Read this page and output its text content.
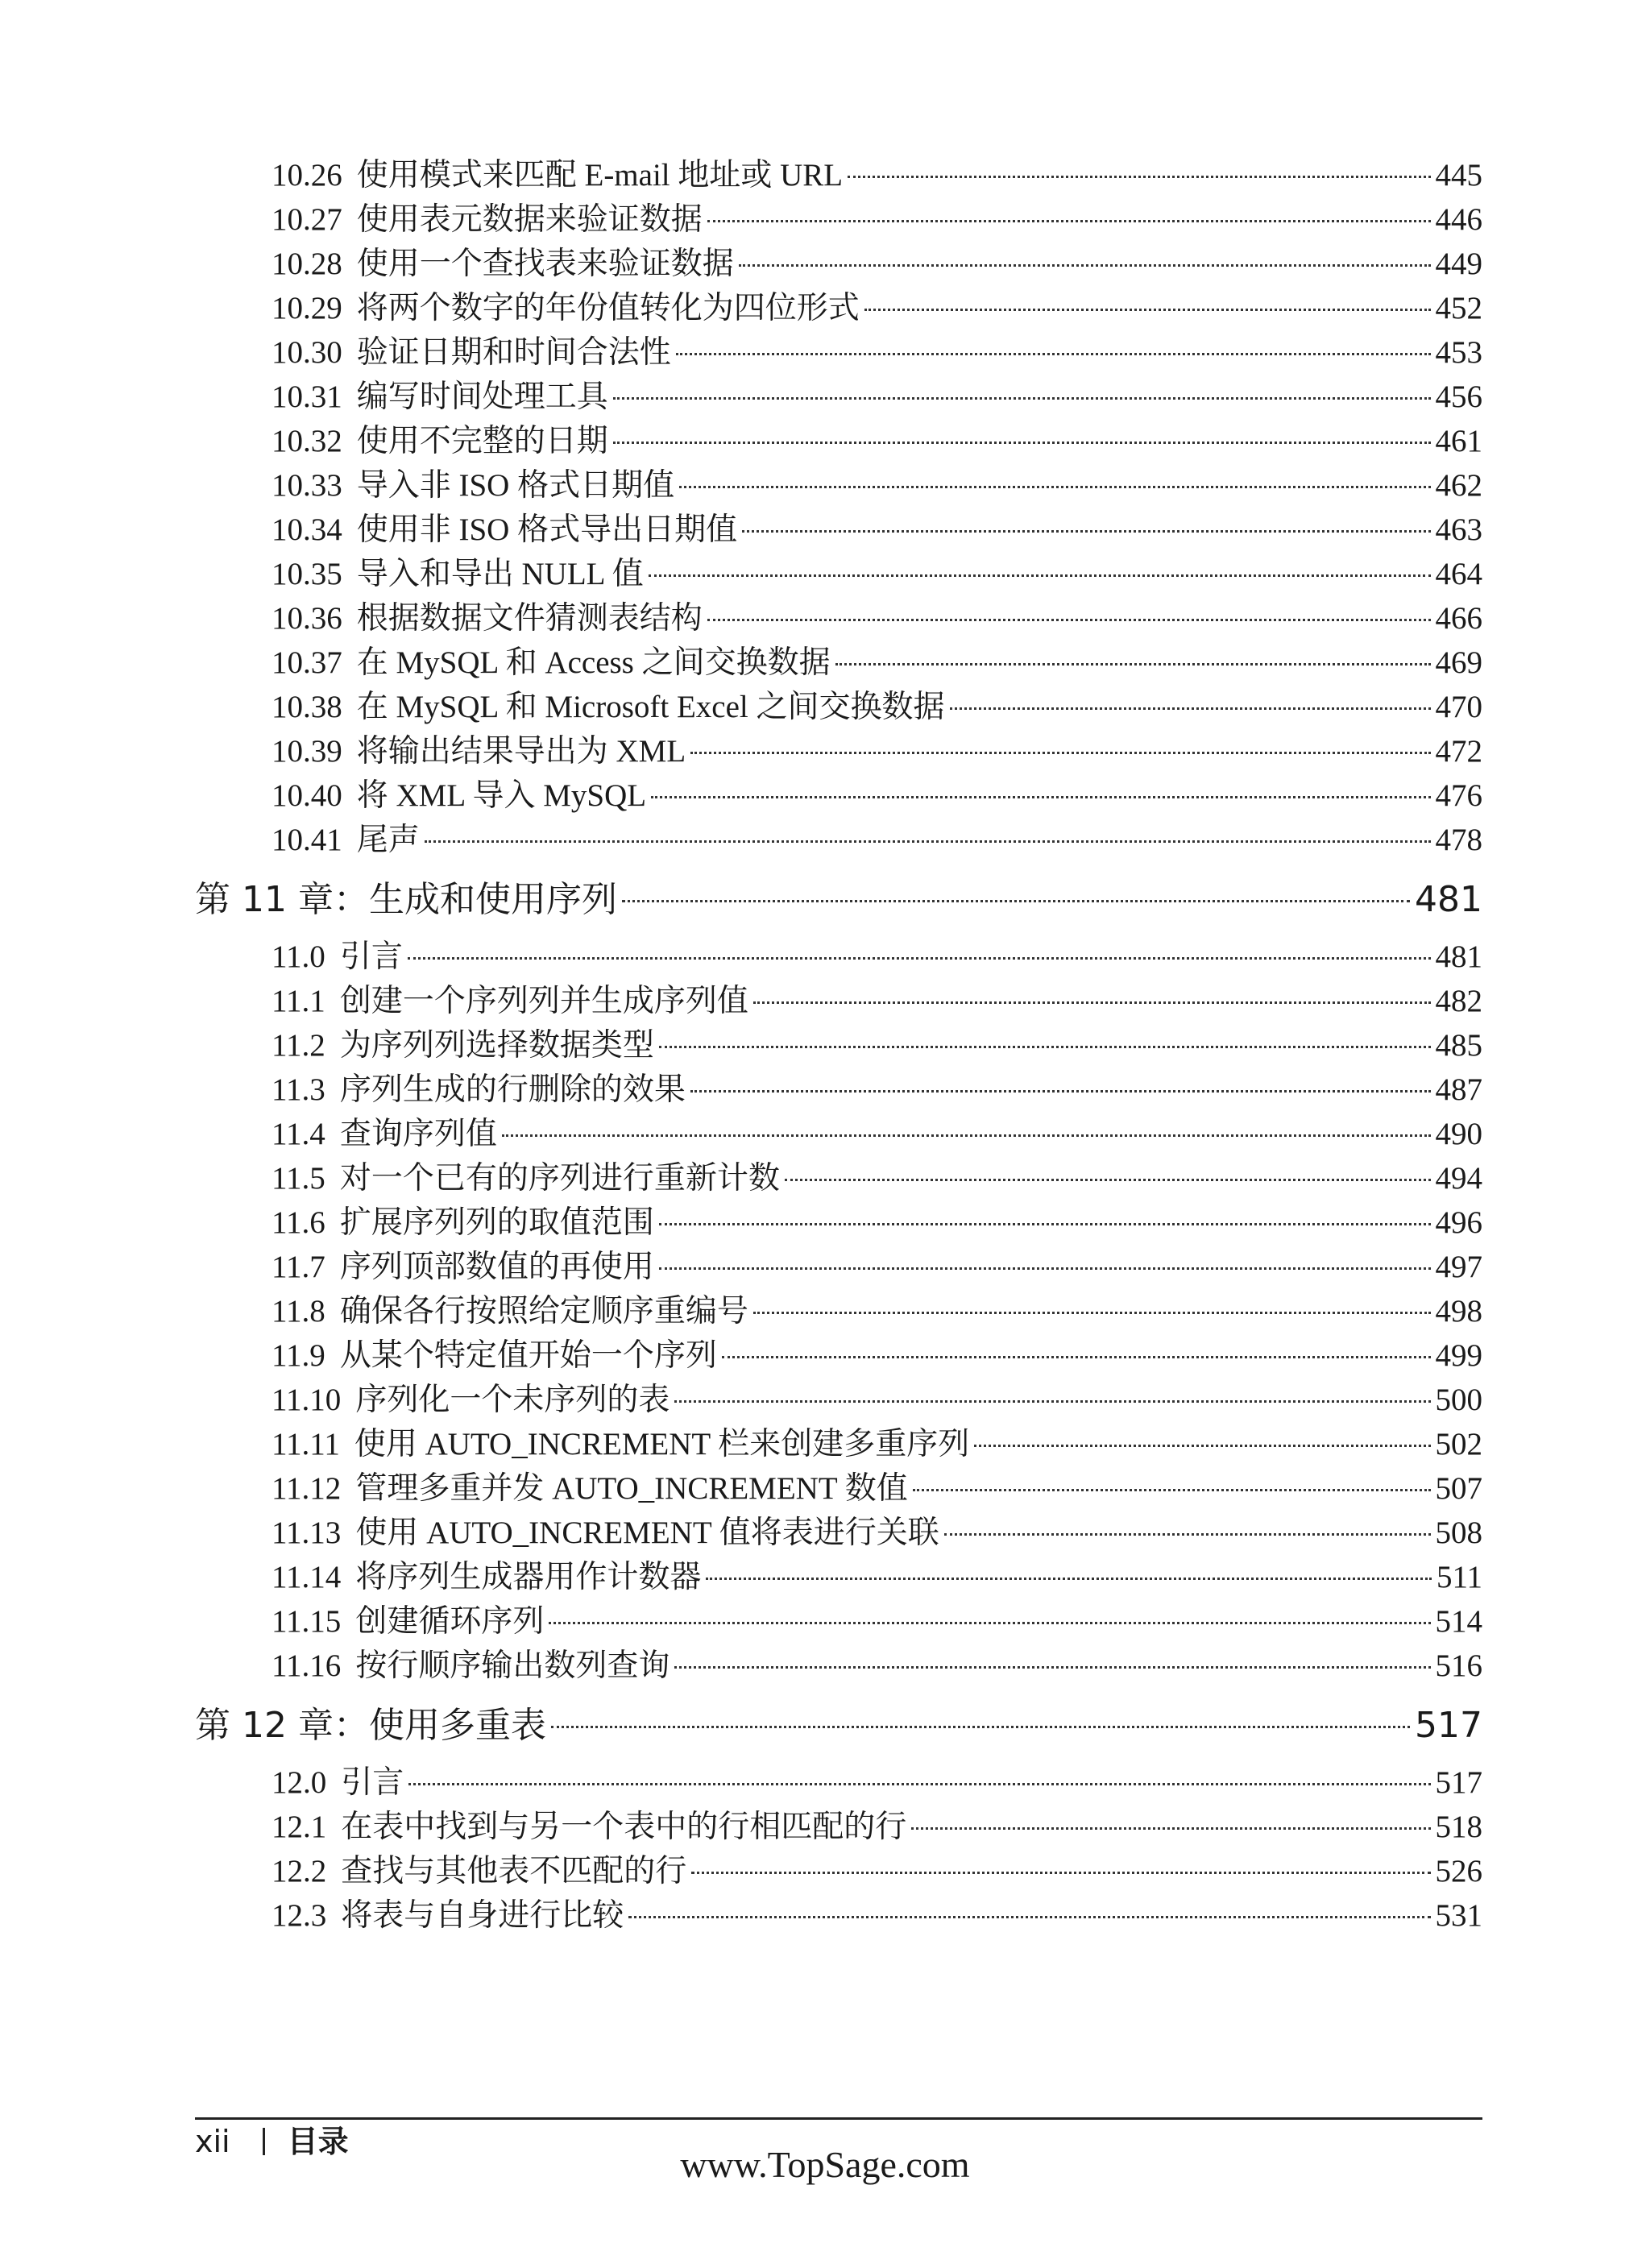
10.26 使用模式来匹配 E-mail 地址或 URL	445
10.27 使用表元数据来验证数据	446
10.28 使用一个查找表来验证数据	449
10.29 将两个数字的年份值转化为四位形式	452
10.30 验证日期和时间合法性	453
10.31 编写时间处理工具	456
10.32 使用不完整的日期	461
10.33 导入非 ISO 格式日期值	462
10.34 使用非 ISO 格式导出日期值	463
10.35 导入和导出 NULL 值	464
10.36 根据数据文件猜测表结构	466
10.37 在 MySQL 和 Access 之间交换数据	469
10.38 在 MySQL 和 Microsoft Excel 之间交换数据	470
10.39 将输出结果导出为 XML	472
10.40 将 XML 导入 MySQL	476
10.41 尾声	478
第 11 章： 生成和使用序列	481
11.0 引言	481
11.1 创建一个序列列并生成序列值	482
11.2 为序列列选择数据类型	485
11.3 序列生成的行删除的效果	487
11.4 查询序列值	490
11.5 对一个已有的序列进行重新计数	494
11.6 扩展序列列的取值范围	496
11.7 序列顶部数值的再使用	497
11.8 确保各行按照给定顺序重编号	498
11.9 从某个特定值开始一个序列	499
11.10 序列化一个未序列的表	500
11.11 使用 AUTO_INCREMENT 栏来创建多重序列	502
11.12 管理多重并发 AUTO_INCREMENT 数值	507
11.13 使用 AUTO_INCREMENT 值将表进行关联	508
11.14 将序列生成器用作计数器	511
11.15 创建循环序列	514
11.16 按行顺序输出数列查询	516
第 12 章： 使用多重表	517
12.0 引言	517
12.1 在表中找到与另一个表中的行相匹配的行	518
12.2 查找与其他表不匹配的行	526
12.3 将表与自身进行比较	531
xii 目录
www.TopSage.com
